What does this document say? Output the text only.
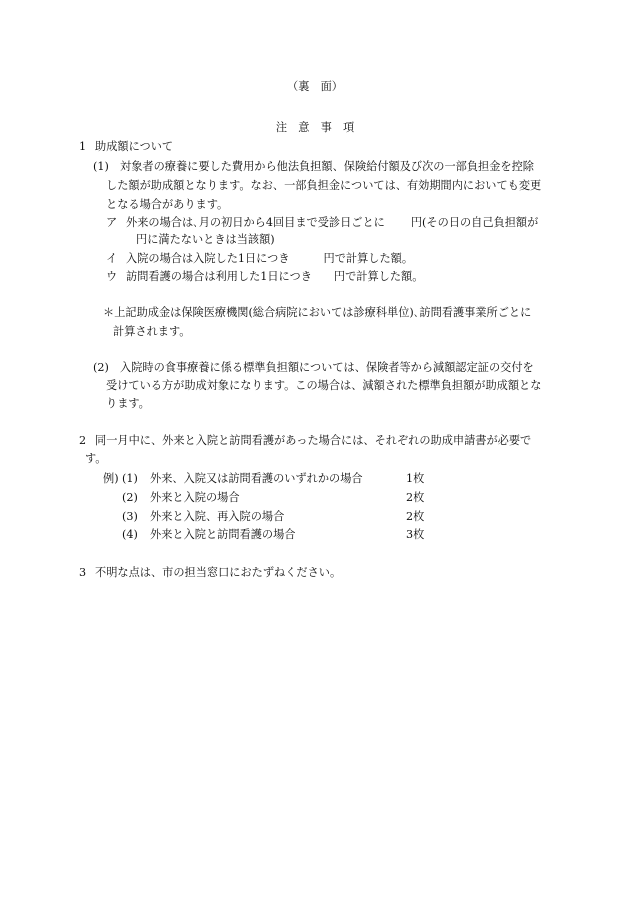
（裏　面）
注　意　事　項
1 助成額について
(1) 対象者の療養に要した費用から他法負担額、保険給付額及び次の一部負担金を控除
した額が助成額となります。なお、一部負担金については、有効期間内においても変更
となる場合があります。
ア 外来の場合は､月の初日から4回目まで受診日ごとに 円(その日の自己負担額が
円に満たないときは当該額)
イ 入院の場合は入院した1日につき	円で計算した額。
ウ 訪問看護の場合は利用した1日につき 円で計算した額。
＊上記助成金は保険医療機関(総合病院においては診療科単位)､訪問看護事業所ごとに
計算されます。
(2) 入院時の食事療養に係る標準負担額については、保険者等から減額認定証の交付を
受けている方が助成対象になります。この場合は、減額された標準負担額が助成額とな
ります。
2 同一月中に、外来と入院と訪問看護があった場合には、それぞれの助成申請書が必要で
す。
例) (1) 外来、入院又は訪問看護のいずれかの場合	1枚
(2) 外来と入院の場合	2枚
(3) 外来と入院、再入院の場合	2枚
(4) 外来と入院と訪問看護の場合	3枚
3 不明な点は、市の担当窓口におたずねください。
